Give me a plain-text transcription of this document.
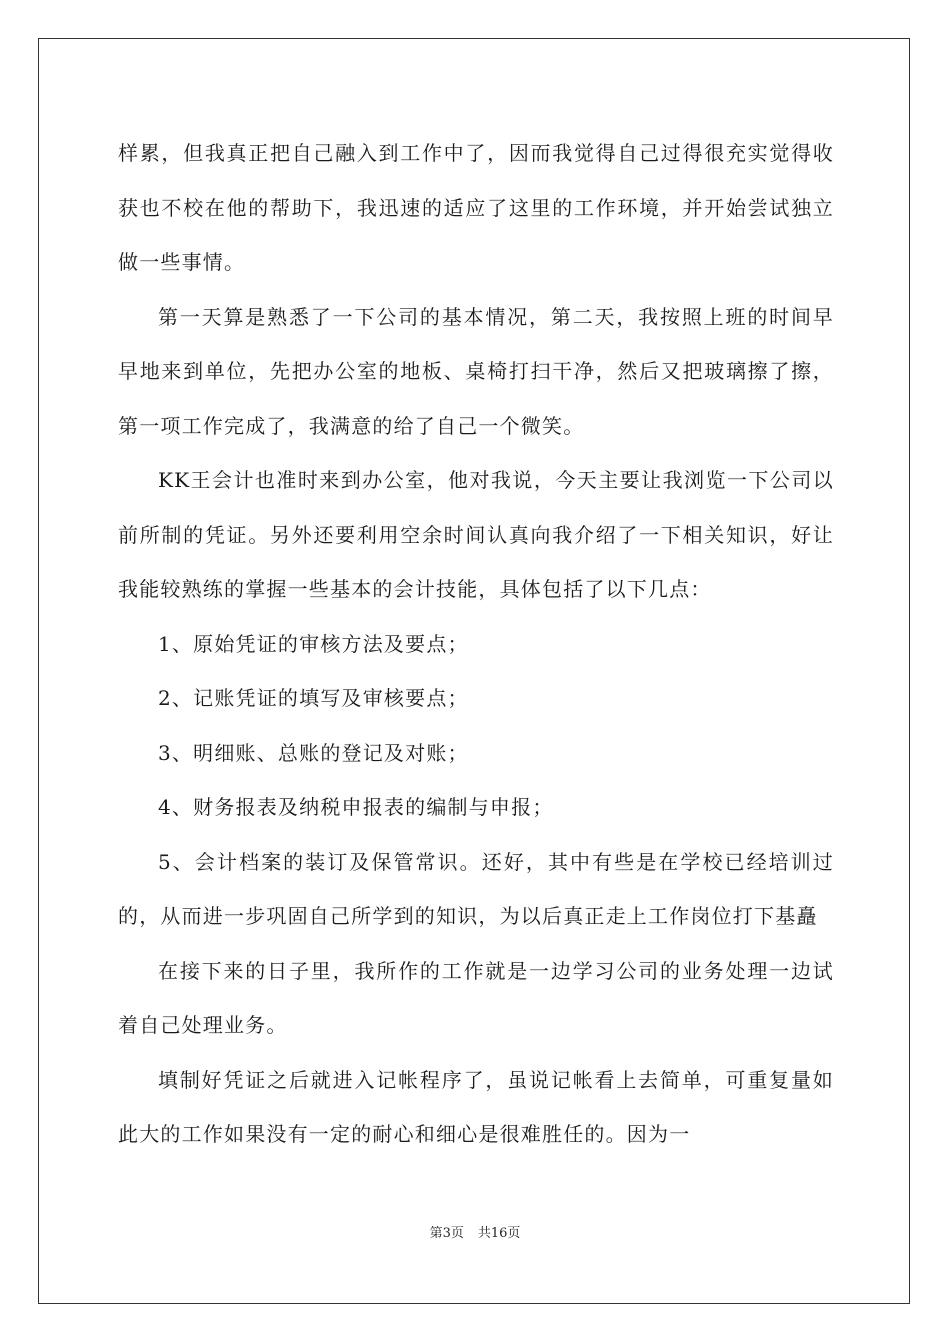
样累，但我真正把自己融入到工作中了，因而我觉得自己过得很充实觉得收获也不校在他的帮助下，我迅速的适应了这里的工作环境，并开始尝试独立做一些事情。

第一天算是熟悉了一下公司的基本情况，第二天，我按照上班的时间早早地来到单位，先把办公室的地板、桌椅打扫干净，然后又把玻璃擦了擦，第一项工作完成了，我满意的给了自己一个微笑。

KK王会计也准时来到办公室，他对我说，今天主要让我浏览一下公司以前所制的凭证。另外还要利用空余时间认真向我介绍了一下相关知识，好让我能较熟练的掌握一些基本的会计技能，具体包括了以下几点：

1、原始凭证的审核方法及要点；

2、记账凭证的填写及审核要点；

3、明细账、总账的登记及对账；

4、财务报表及纳税申报表的编制与申报；

5、会计档案的装订及保管常识。还好，其中有些是在学校已经培训过的，从而进一步巩固自己所学到的知识，为以后真正走上工作岗位打下基矗

在接下来的日子里，我所作的工作就是一边学习公司的业务处理一边试着自己处理业务。

填制好凭证之后就进入记帐程序了，虽说记帐看上去简单，可重复量如此大的工作如果没有一定的耐心和细心是很难胜任的。因为一

第3页 共16页
